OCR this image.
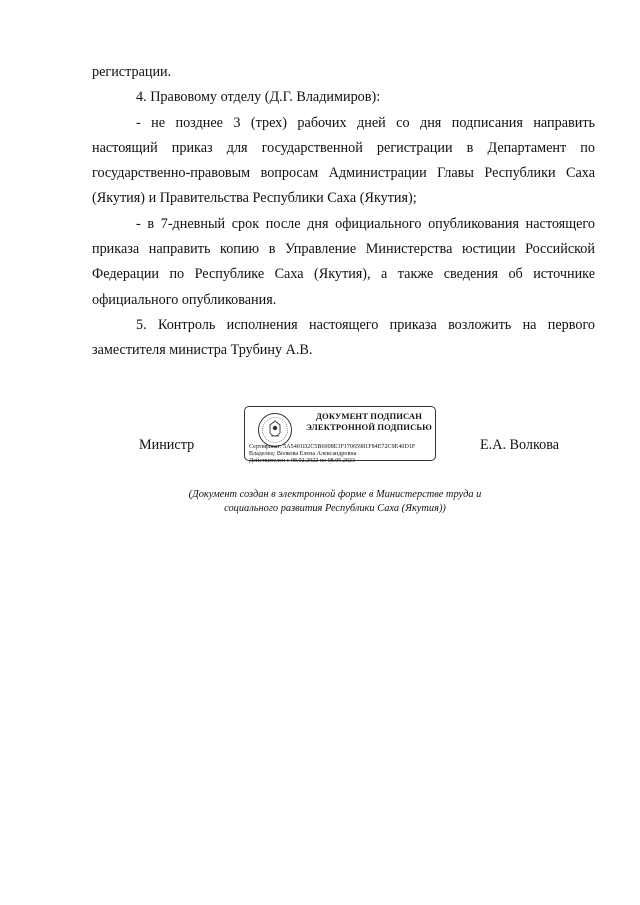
регистрации.

4. Правовому отделу (Д.Г. Владимиров):

- не позднее 3 (трех) рабочих дней со дня подписания направить настоящий приказ для государственной регистрации в Департамент по государственно-правовым вопросам Администрации Главы Республики Саха (Якутия) и Правительства Республики Саха (Якутия);

- в 7-дневный срок после дня официального опубликования настоящего приказа направить копию в Управление Министерства юстиции Российской Федерации по Республике Саха (Якутия), а также сведения об источнике официального опубликования.

5. Контроль исполнения настоящего приказа возложить на первого заместителя министра Трубину А.В.

Министр
ДОКУМЕНТ ПОДПИСАН
ЭЛЕКТРОННОЙ ПОДПИСЬЮ
Сертификат: 5A5401D2C5B6908E3F17065981F84E72C9E40D1F
Владелец: Волкова Елена Александровна
Действителен с 08.02.2022 по 08.05.2023
Е.А. Волкова
(Документ создан в электронной форме в Министерстве труда и социального развития Республики Саха (Якутия))
